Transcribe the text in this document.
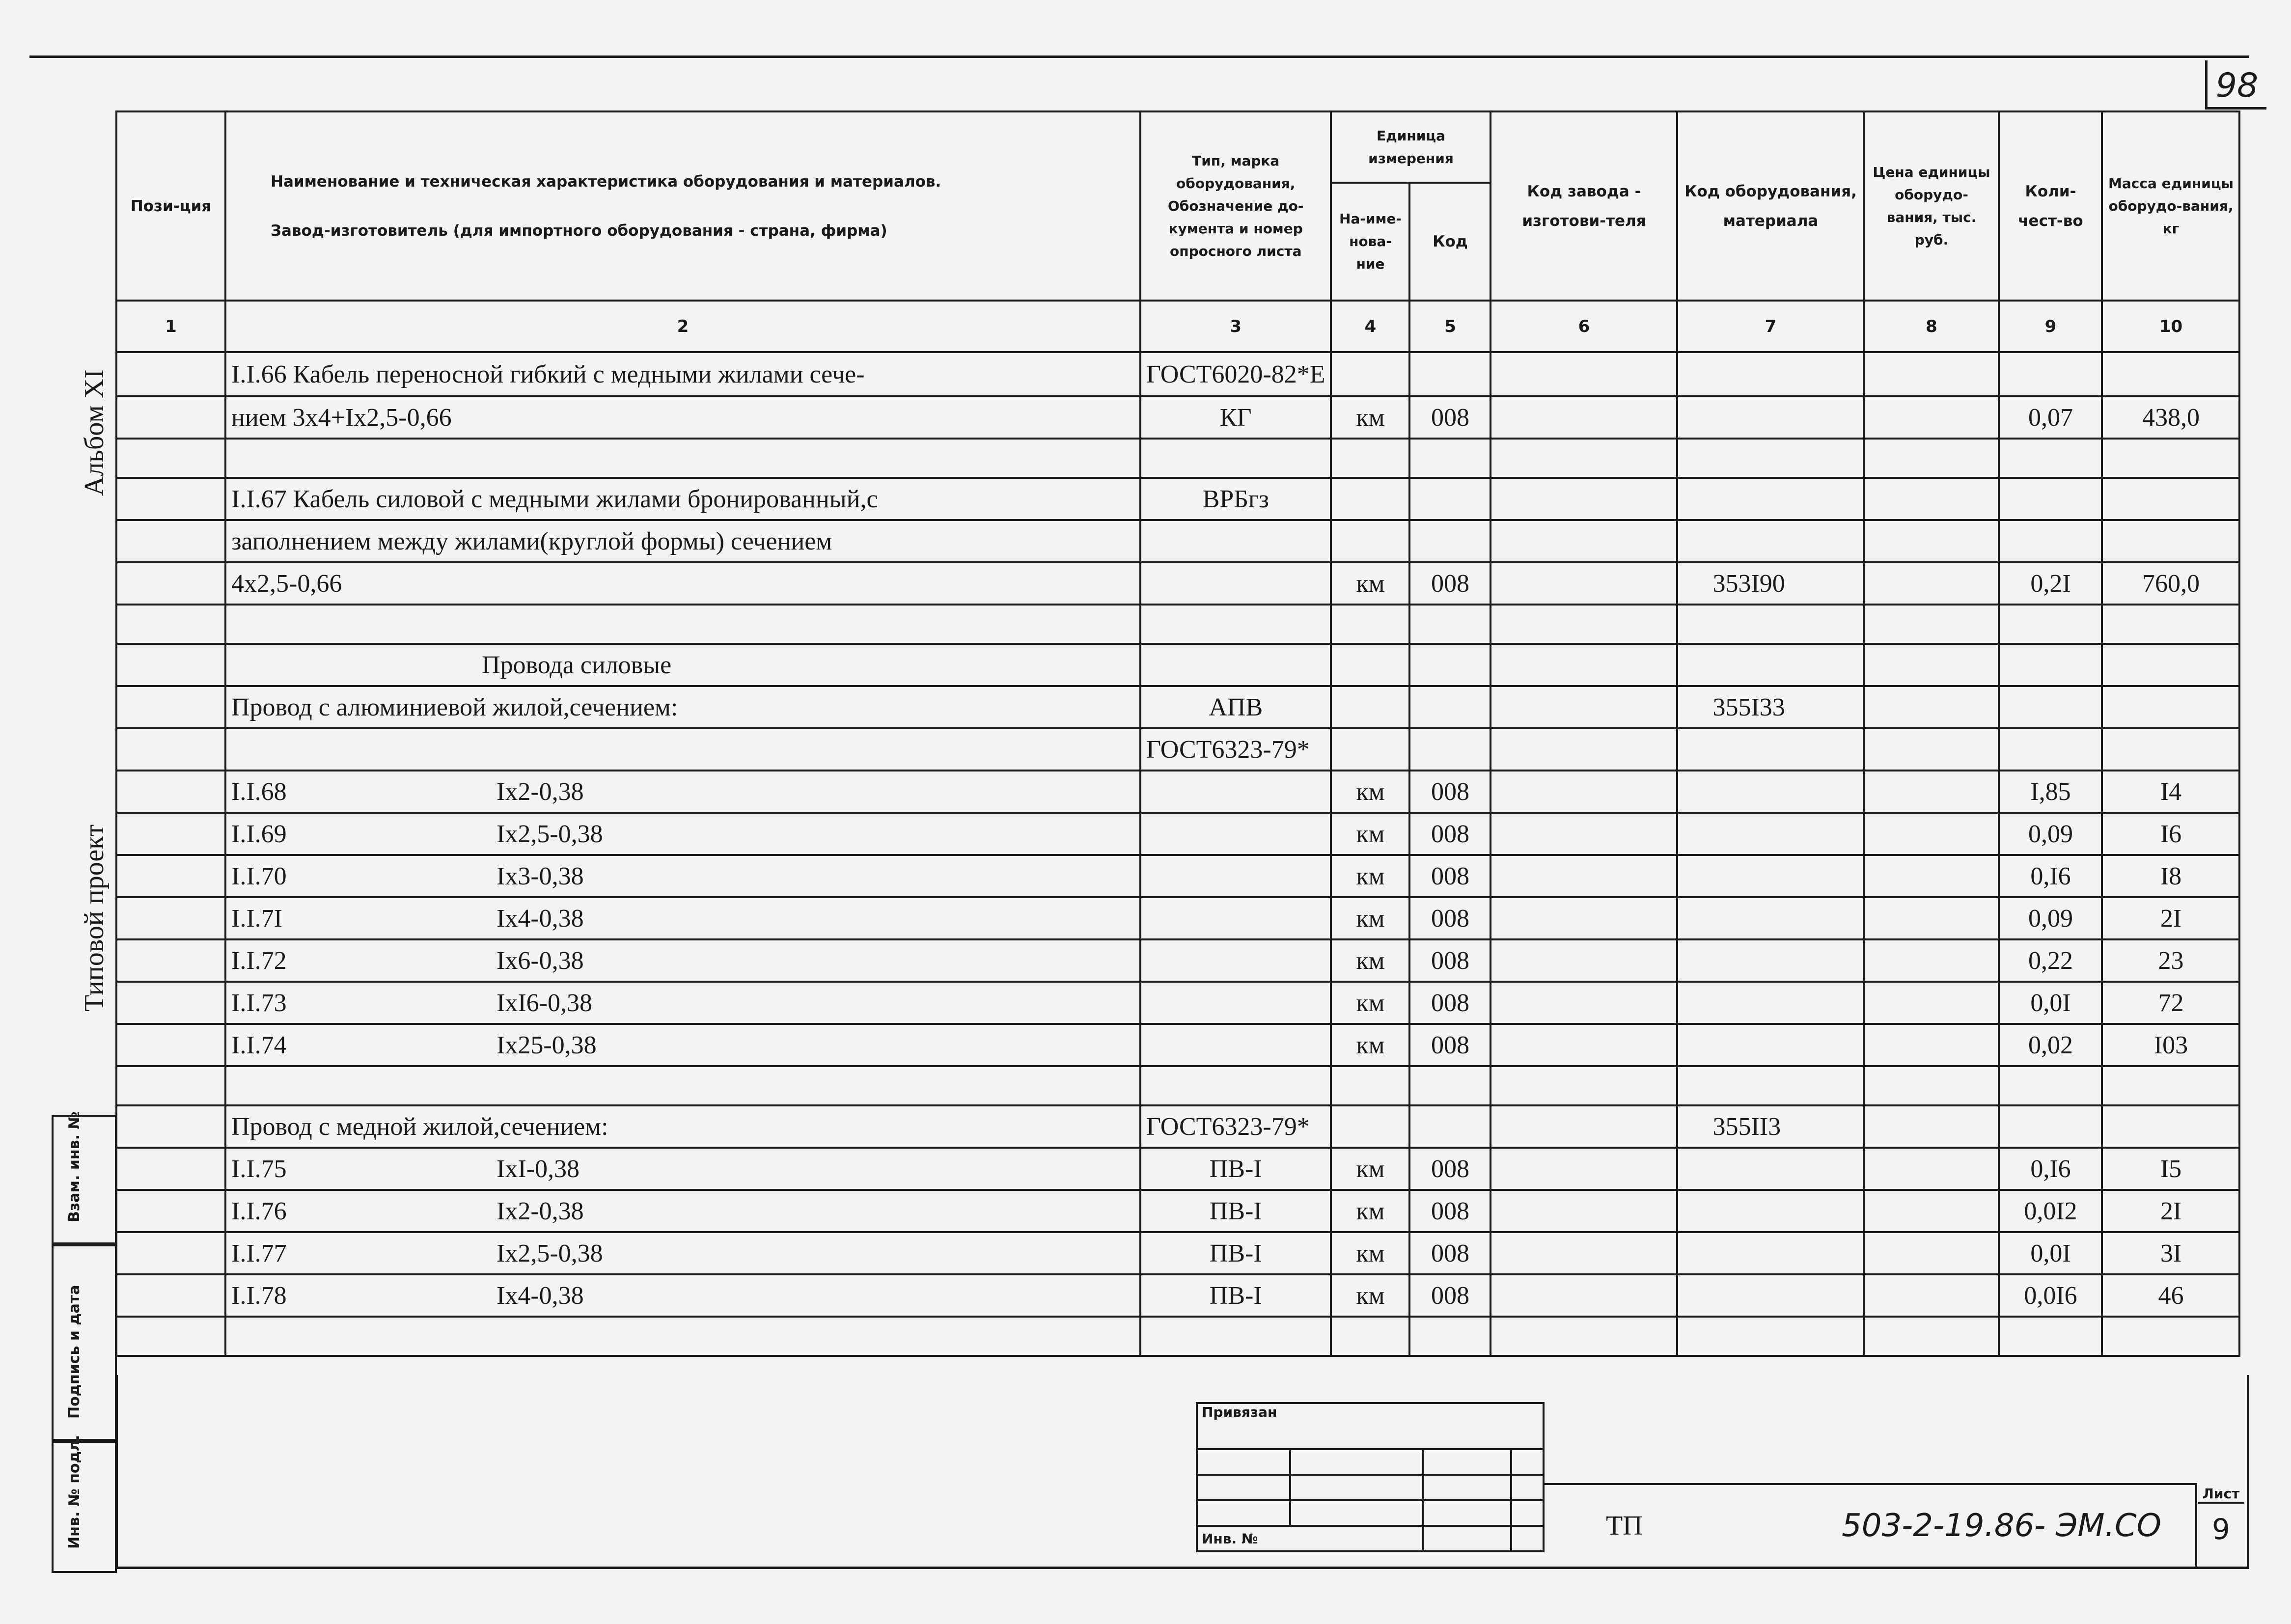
98
Альбом XI
Типовой проект
Взам. инв. №
Подпись и дата
Инв. № подл.
Пози-ция	Наименование и техническая характеристика оборудования и материалов.
Завод-изготовитель (для импортного оборудования - страна, фирма)	Тип, марка оборудования, Обозначение до-кумента и номер опросного листа	Единица измерения		Код завода - изготови-теля	Код оборудования, материала	Цена единицы оборудо-вания, тыс. руб.	Коли-чест-во	Масса единицы оборудо-вания, кг
			На-име-нова-ние	Код					
1	2	3	4	5	6	7	8	9	10
	I.I.66 Кабель переносной гибкий с медными жилами сече-	ГОСТ6020-82*Е							
	нием 3х4+Iх2,5-0,66	КГ	км	008				0,07	438,0

	I.I.67 Кабель силовой с медными жилами бронированный,с	ВРБгз							
	заполнением между жилами(круглой формы) сечением								
	4х2,5-0,66		км	008		353I90		0,2I	760,0

	Провода силовые								
	Провод с алюминиевой жилой,сечением:	АПВ				355I33			
		ГОСТ6323-79*							
	I.I.68 Iх2-0,38		км	008				I,85	I4
	I.I.69 Iх2,5-0,38		км	008				0,09	I6
	I.I.70 Iх3-0,38		км	008				0,I6	I8
	I.I.7I Iх4-0,38		км	008				0,09	2I
	I.I.72 Iх6-0,38		км	008				0,22	23
	I.I.73 IхI6-0,38		км	008				0,0I	72
	I.I.74 Iх25-0,38		км	008				0,02	I03

	Провод с медной жилой,сечением:	ГОСТ6323-79*				355II3			
	I.I.75 IхI-0,38	ПВ-I	км	008				0,I6	I5
	I.I.76 Iх2-0,38	ПВ-I	км	008				0,0I2	2I
	I.I.77 Iх2,5-0,38	ПВ-I	км	008				0,0I	3I
	I.I.78 Iх4-0,38	ПВ-I	км	008				0,0I6	46

Привязан			

Инв. №				ТП	503-2-19.86- ЭМ.СО
Лист
9
